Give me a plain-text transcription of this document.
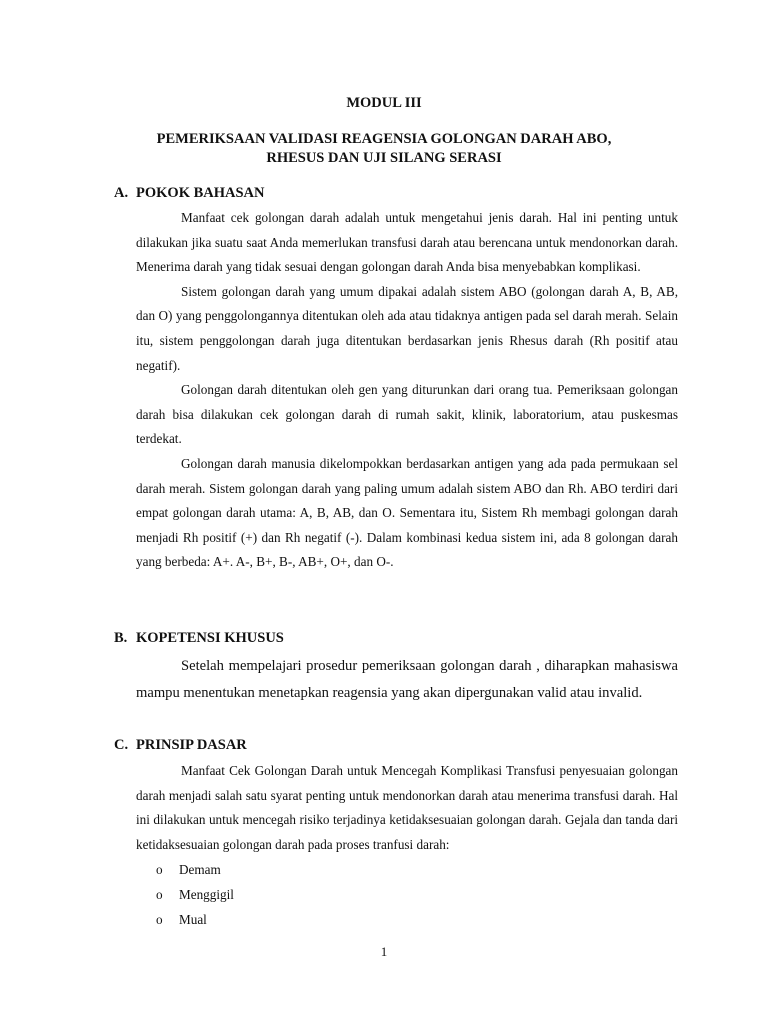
MODUL III
PEMERIKSAAN VALIDASI REAGENSIA GOLONGAN DARAH ABO,
RHESUS DAN UJI SILANG SERASI
A. POKOK BAHASAN

Manfaat cek golongan darah adalah untuk mengetahui jenis darah. Hal ini penting untuk dilakukan jika suatu saat Anda memerlukan transfusi darah atau berencana untuk mendonorkan darah. Menerima darah yang tidak sesuai dengan golongan darah Anda bisa menyebabkan komplikasi.

Sistem golongan darah yang umum dipakai adalah sistem ABO (golongan darah A, B, AB, dan O) yang penggolongannya ditentukan oleh ada atau tidaknya antigen pada sel darah merah. Selain itu, sistem penggolongan darah juga ditentukan berdasarkan jenis Rhesus darah (Rh positif atau negatif).

Golongan darah ditentukan oleh gen yang diturunkan dari orang tua. Pemeriksaan golongan darah bisa dilakukan cek golongan darah di rumah sakit, klinik, laboratorium, atau puskesmas terdekat.

Golongan darah manusia dikelompokkan berdasarkan antigen yang ada pada permukaan sel darah merah. Sistem golongan darah yang paling umum adalah sistem ABO dan Rh. ABO terdiri dari empat golongan darah utama: A, B, AB, dan O. Sementara itu, Sistem Rh membagi golongan darah menjadi Rh positif (+) dan Rh negatif (-). Dalam kombinasi kedua sistem ini, ada 8 golongan darah yang berbeda: A+. A-, B+, B-, AB+, O+, dan O-.

B. KOPETENSI KHUSUS

Setelah mempelajari prosedur pemeriksaan golongan darah , diharapkan mahasiswa mampu menentukan menetapkan reagensia yang akan dipergunakan valid atau invalid.

C. PRINSIP DASAR

Manfaat Cek Golongan Darah untuk Mencegah Komplikasi Transfusi penyesuaian golongan darah menjadi salah satu syarat penting untuk mendonorkan darah atau menerima transfusi darah. Hal ini dilakukan untuk mencegah risiko terjadinya ketidaksesuaian golongan darah. Gejala dan tanda dari ketidaksesuaian golongan darah pada proses tranfusi darah:

o Demam
o Menggigil
o Mual
1
